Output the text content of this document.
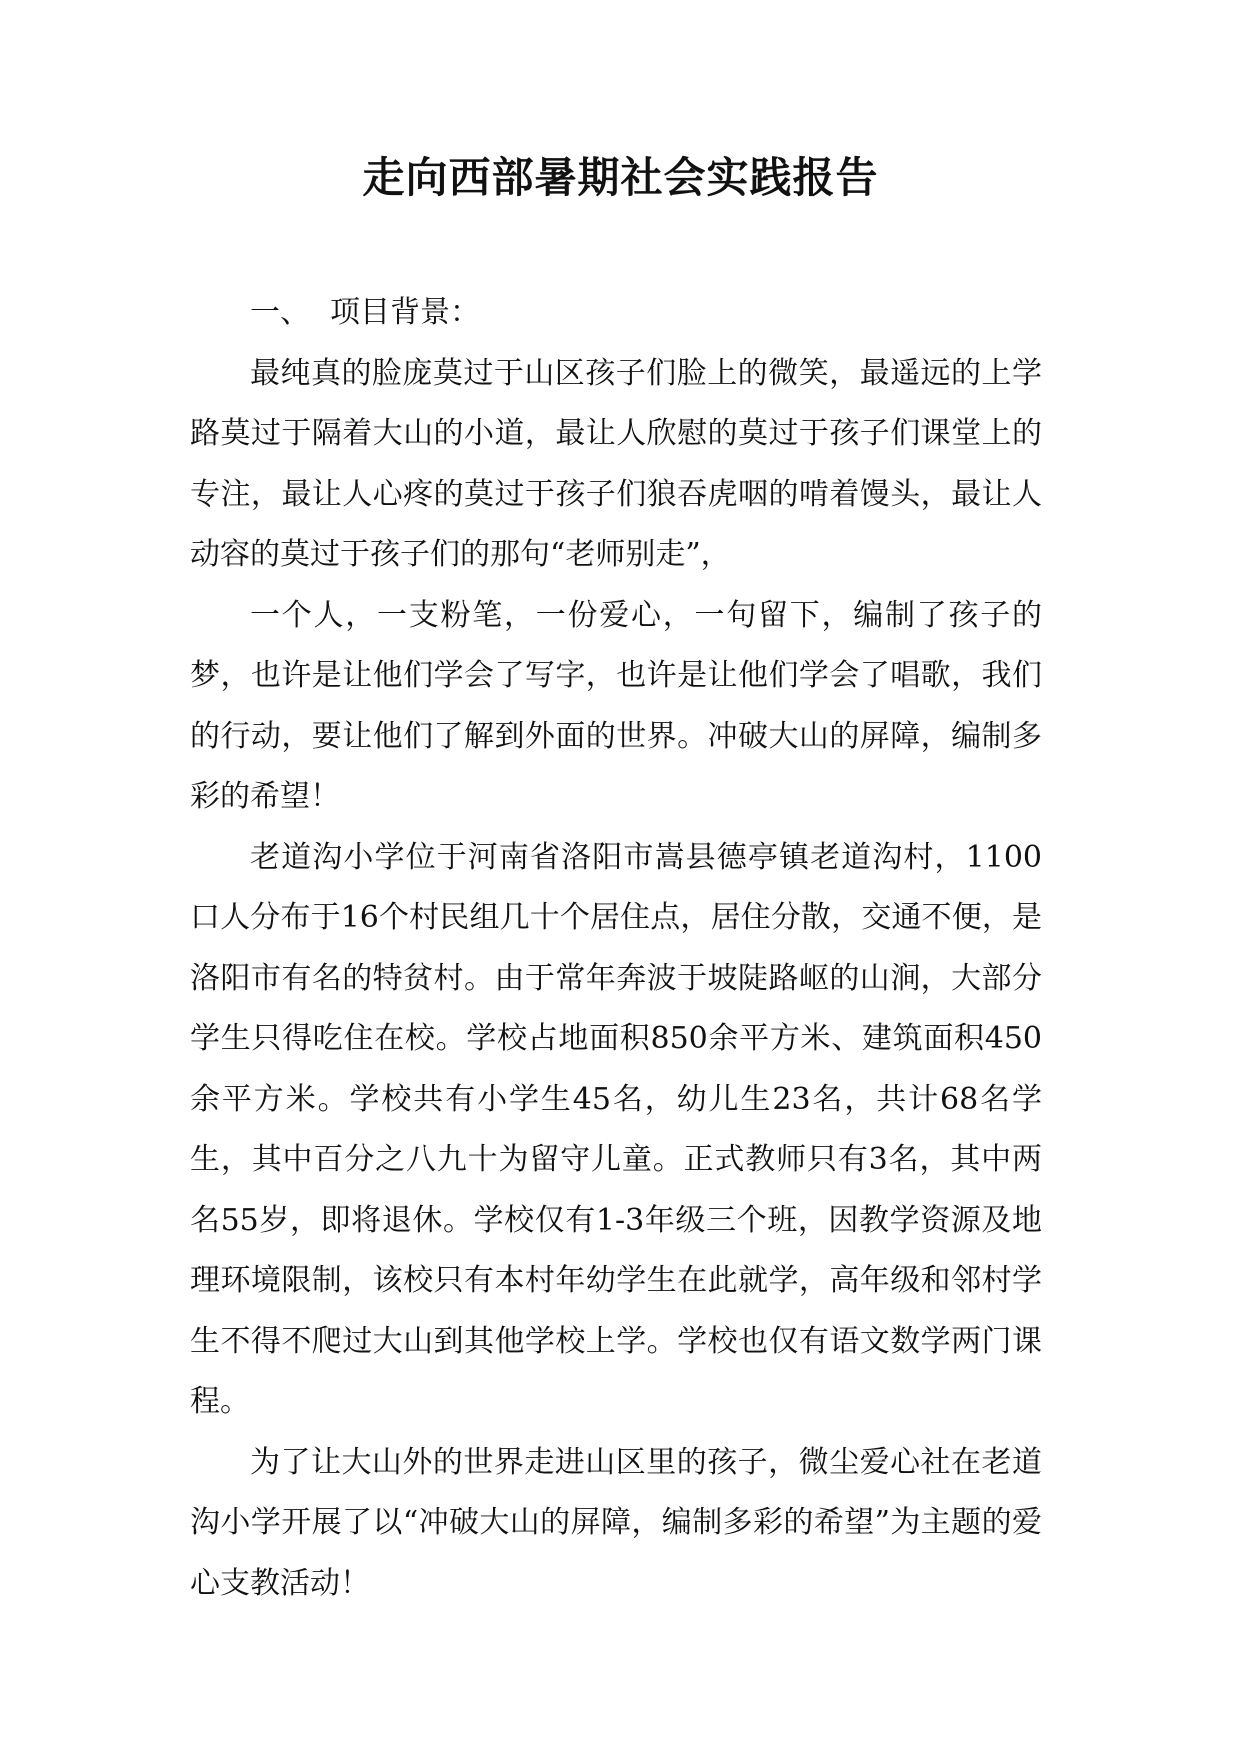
走向西部暑期社会实践报告
一、 项目背景：

最纯真的脸庞莫过于山区孩子们脸上的微笑，最遥远的上学路莫过于隔着大山的小道，最让人欣慰的莫过于孩子们课堂上的专注，最让人心疼的莫过于孩子们狼吞虎咽的啃着馒头，最让人动容的莫过于孩子们的那句“老师别走”，

一个人，一支粉笔，一份爱心，一句留下，编制了孩子的梦，也许是让他们学会了写字，也许是让他们学会了唱歌，我们的行动，要让他们了解到外面的世界。冲破大山的屏障，编制多彩的希望！

老道沟小学位于河南省洛阳市嵩县德亭镇老道沟村，1100口人分布于16个村民组几十个居住点，居住分散，交通不便，是洛阳市有名的特贫村。由于常年奔波于坡陡路岖的山涧，大部分学生只得吃住在校。学校占地面积850余平方米、建筑面积450余平方米。学校共有小学生45名，幼儿生23名，共计68名学生，其中百分之八九十为留守儿童。正式教师只有3名，其中两名55岁，即将退休。学校仅有1-3年级三个班，因教学资源及地理环境限制，该校只有本村年幼学生在此就学，高年级和邻村学生不得不爬过大山到其他学校上学。学校也仅有语文数学两门课程。

为了让大山外的世界走进山区里的孩子，微尘爱心社在老道沟小学开展了以“冲破大山的屏障，编制多彩的希望”为主题的爱心支教活动！
